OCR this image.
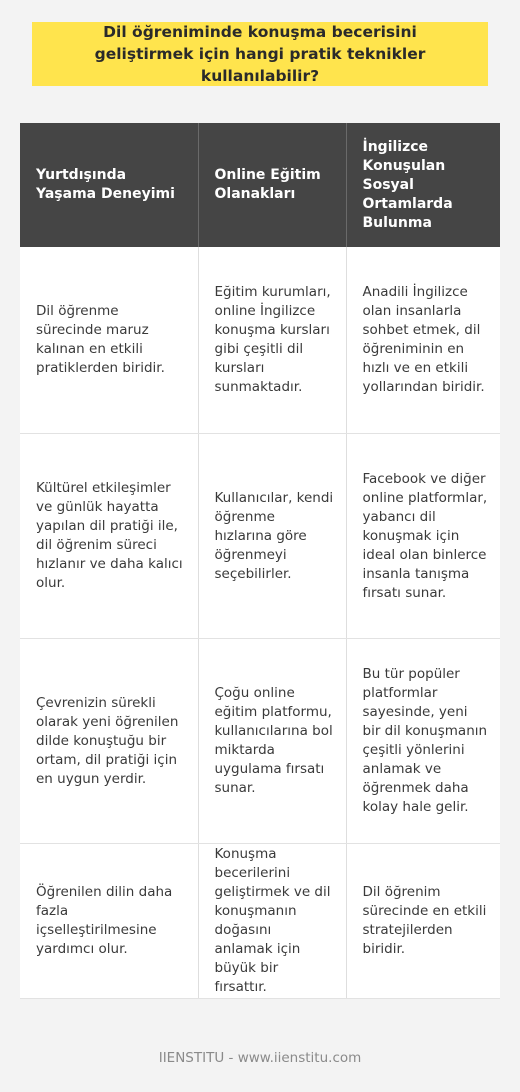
Dil öğreniminde konuşma becerisini geliştirmek için hangi pratik teknikler kullanılabilir?
Yurtdışında Yaşama Deneyimi	Online Eğitim Olanakları	İngilizce Konuşulan Sosyal Ortamlarda Bulunma
Dil öğrenme sürecinde maruz kalınan en etkili pratiklerden biridir.	Eğitim kurumları, online İngilizce konuşma kursları gibi çeşitli dil kursları sunmaktadır.	Anadili İngilizce olan insanlarla sohbet etmek, dil öğreniminin en hızlı ve en etkili yollarından biridir.
Kültürel etkileşimler ve günlük hayatta yapılan dil pratiği ile, dil öğrenim süreci hızlanır ve daha kalıcı olur.	Kullanıcılar, kendi öğrenme hızlarına göre öğrenmeyi seçebilirler.	Facebook ve diğer online platformlar, yabancı dil konuşmak için ideal olan binlerce insanla tanışma fırsatı sunar.
Çevrenizin sürekli olarak yeni öğrenilen dilde konuştuğu bir ortam, dil pratiği için en uygun yerdir.	Çoğu online eğitim platformu, kullanıcılarına bol miktarda uygulama fırsatı sunar.	Bu tür popüler platformlar sayesinde, yeni bir dil konuşmanın çeşitli yönlerini anlamak ve öğrenmek daha kolay hale gelir.
Öğrenilen dilin daha fazla içselleştirilmesine yardımcı olur.	Konuşma becerilerini geliştirmek ve dil konuşmanın doğasını anlamak için büyük bir fırsattır.	Dil öğrenim sürecinde en etkili stratejilerden biridir.
IIENSTITU - www.iienstitu.com
